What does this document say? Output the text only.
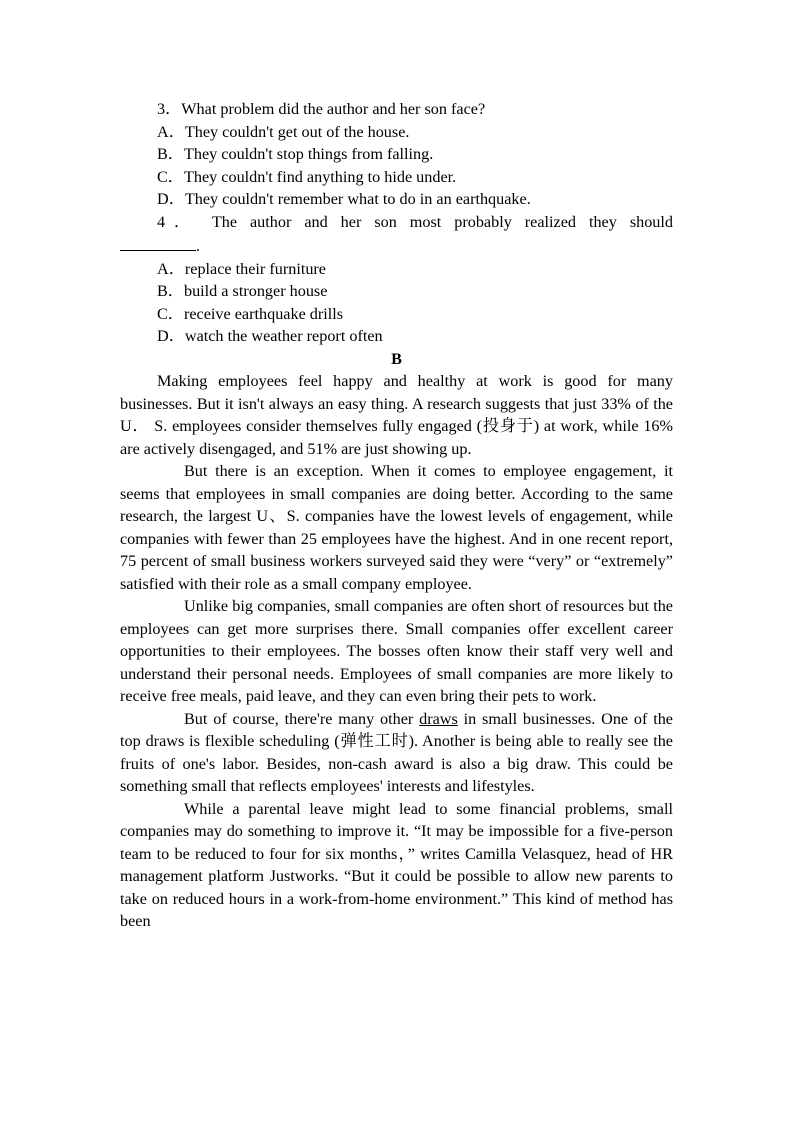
3．What problem did the author and her son face?

A．They couldn't get out of the house.

B．They couldn't stop things from falling.

C．They couldn't find anything to hide under.

D．They couldn't remember what to do in an earthquake.

4． The author and her son most probably realized they should

.

A．replace their furniture

B．build a stronger house

C．receive earthquake drills

D．watch the weather report often

B

Making employees feel happy and healthy at work is good for many businesses. But it isn't always an easy thing. A research suggests that just 33% of the U． S. employees consider themselves fully engaged (投身于) at work, while 16% are actively disengaged, and 51% are just showing up.

But there is an exception. When it comes to employee engagement, it seems that employees in small companies are doing better. According to the same research, the largest U、S. companies have the lowest levels of engagement, while companies with fewer than 25 employees have the highest. And in one recent report, 75 percent of small business workers surveyed said they were “very” or “extremely” satisfied with their role as a small company employee.

Unlike big companies, small companies are often short of resources but the employees can get more surprises there. Small companies offer excellent career opportunities to their employees. The bosses often know their staff very well and understand their personal needs. Employees of small companies are more likely to receive free meals, paid leave, and they can even bring their pets to work.

But of course, there're many other draws in small businesses. One of the top draws is flexible scheduling (弹性工时). Another is being able to really see the fruits of one's labor. Besides, non-cash award is also a big draw. This could be something small that reflects employees' interests and lifestyles.

While a parental leave might lead to some financial problems, small companies may do something to improve it. “It may be impossible for a five-person team to be reduced to four for six months，” writes Camilla Velasquez, head of HR management platform Justworks. “But it could be possible to allow new parents to take on reduced hours in a work-from-home environment.” This kind of method has been
